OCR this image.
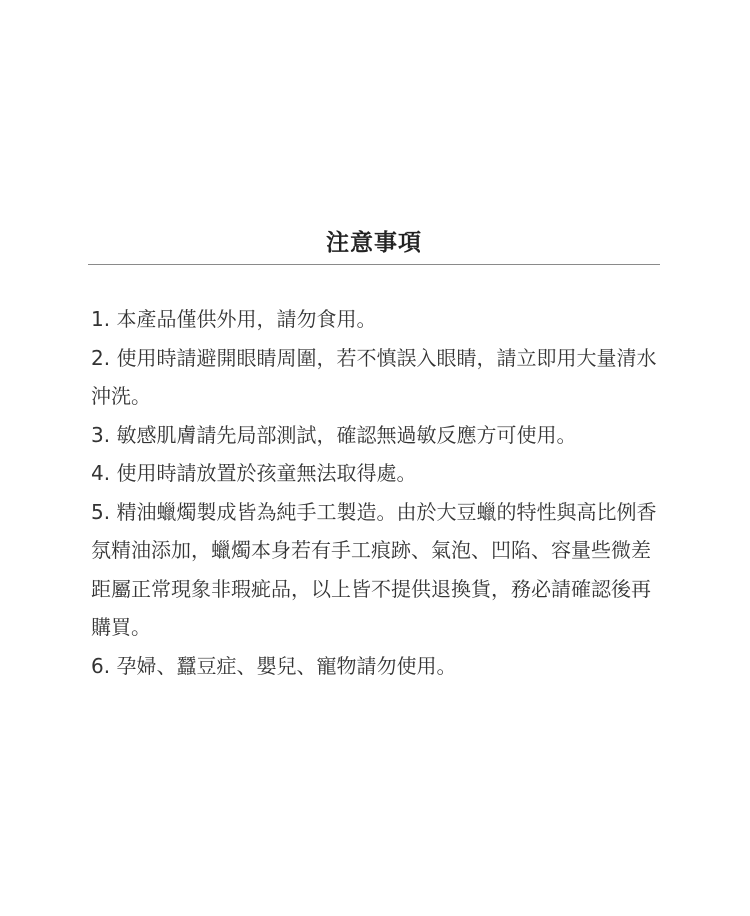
注意事項
1. 本產品僅供外用，請勿食用。
2. 使用時請避開眼睛周圍，若不慎誤入眼睛，請立即用大量清水沖洗。
3. 敏感肌膚請先局部測試，確認無過敏反應方可使用。
4. 使用時請放置於孩童無法取得處。
5. 精油蠟燭製成皆為純手工製造。由於大豆蠟的特性與高比例香氛精油添加，蠟燭本身若有手工痕跡、氣泡、凹陷、容量些微差距屬正常現象非瑕疵品，以上皆不提供退換貨，務必請確認後再購買。
6. 孕婦、蠶豆症、嬰兒、寵物請勿使用。
